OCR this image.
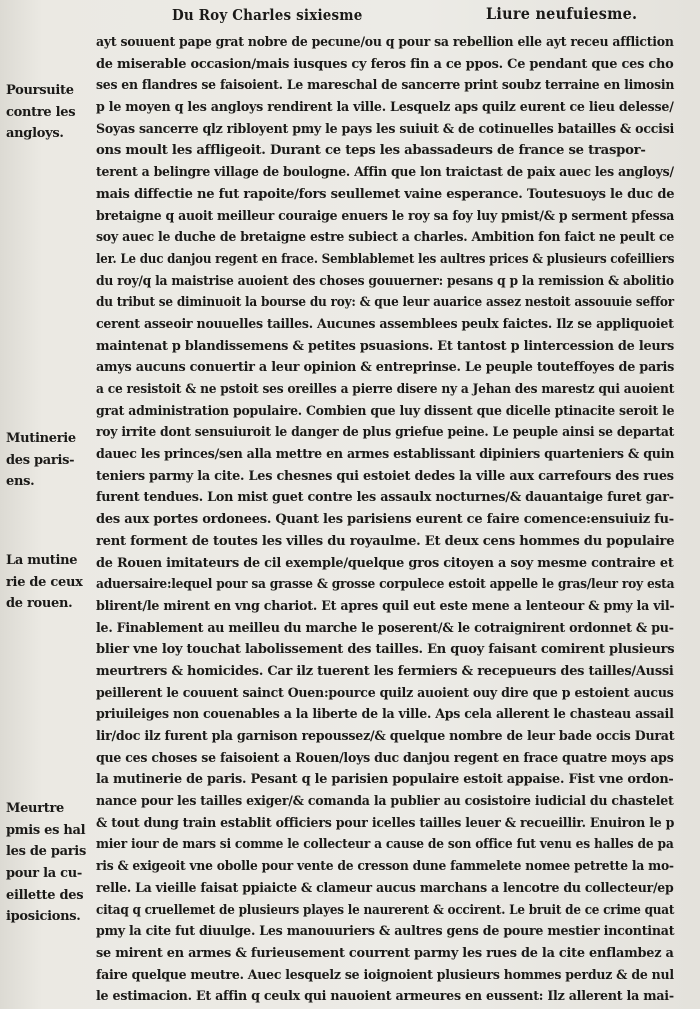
Du Roy Charles sixiesme	Liure neufuiesme.
Poursuite
contre les
angloys.
Mutinerie
des paris-
ens.
La mutine
rie de ceux
de rouen.
Meurtre
pmis es hal
les de paris
pour la cu-
eillette des
iposicions.
ayt souuent pape grat nobre de pecune/ou q pour sa rebellion elle ayt receu affliction
de miserable occasion/mais iusques cy feros fin a ce ppos. Ce pendant que ces cho
ses en flandres se faisoient. Le mareschal de sancerre print soubz terraine en limosin
p le moyen q les angloys rendirent la ville. Lesquelz aps quilz eurent ce lieu delesse/
Soyas sancerre qlz ribloyent pmy le pays les suiuit & de cotinuelles batailles & occisi
ons moult les affligeoit. Durant ce teps les abassadeurs de france se traspor-
terent a belingre village de boulogne. Affin que lon traictast de paix auec les angloys/
mais diffectie ne fut rapoite/fors seullemet vaine esperance. Toutesuoys le duc de
bretaigne q auoit meilleur couraige enuers le roy sa foy luy pmist/& p serment pfessa
soy auec le duche de bretaigne estre subiect a charles. Ambition fon faict ne peult ce
ler. Le duc danjou regent en frace. Semblablemet les aultres prices & plusieurs cofeilliers
du roy/q la maistrise auoient des choses gouuerner: pesans q p la remission & abolitio
du tribut se diminuoit la bourse du roy: & que leur auarice assez nestoit assouuie seffor
cerent asseoir nouuelles tailles. Aucunes assemblees peulx faictes. Ilz se appliquoiet
maintenat p blandissemens & petites psuasions. Et tantost p lintercession de leurs
amys aucuns conuertir a leur opinion & entreprinse. Le peuple touteffoyes de paris
a ce resistoit & ne pstoit ses oreilles a pierre disere ny a Jehan des marestz qui auoient
grat administration populaire. Combien que luy dissent que dicelle ptinacite seroit le
roy irrite dont sensuiuroit le danger de plus griefue peine. Le peuple ainsi se departat
dauec les princes/sen alla mettre en armes establissant dipiniers quarteniers & quin
teniers parmy la cite. Les chesnes qui estoiet dedes la ville aux carrefours des rues
furent tendues. Lon mist guet contre les assaulx nocturnes/& dauantaige furet gar-
des aux portes ordonees. Quant les parisiens eurent ce faire comence:ensuiuiz fu-
rent forment de toutes les villes du royaulme. Et deux cens hommes du populaire
de Rouen imitateurs de cil exemple/quelque gros citoyen a soy mesme contraire et
aduersaire:lequel pour sa grasse & grosse corpulece estoit appelle le gras/leur roy esta
blirent/le mirent en vng chariot. Et apres quil eut este mene a lenteour & pmy la vil-
le. Finablement au meilleu du marche le poserent/& le cotraignirent ordonnet & pu-
blier vne loy touchat labolissement des tailles. En quoy faisant comirent plusieurs
meurtrers & homicides. Car ilz tuerent les fermiers & recepueurs des tailles/Aussi
peillerent le couuent sainct Ouen:pource quilz auoient ouy dire que p estoient aucus
priuileiges non couenables a la liberte de la ville. Aps cela allerent le chasteau assail
lir/doc ilz furent pla garnison repoussez/& quelque nombre de leur bade occis Durat
que ces choses se faisoient a Rouen/loys duc danjou regent en frace quatre moys aps
la mutinerie de paris. Pesant q le parisien populaire estoit appaise. Fist vne ordon-
nance pour les tailles exiger/& comanda la publier au cosistoire iudicial du chastelet
& tout dung train establit officiers pour icelles tailles leuer & recueillir. Enuiron le p
mier iour de mars si comme le collecteur a cause de son office fut venu es halles de pa
ris & exigeoit vne obolle pour vente de cresson dune fammelete nomee petrette la mo-
relle. La vieille faisat ppiaicte & clameur aucus marchans a lencotre du collecteur/ep
citaq q cruellemet de plusieurs playes le naurerent & occirent. Le bruit de ce crime quat
pmy la cite fut diuulge. Les manouuriers & aultres gens de poure mestier incontinat
se mirent en armes & furieusement courrent parmy les rues de la cite enflambez a
faire quelque meutre. Auec lesquelz se ioignoient plusieurs hommes perduz & de nul
le estimacion. Et affin q ceulx qui nauoient armeures en eussent: Ilz allerent la mai-
